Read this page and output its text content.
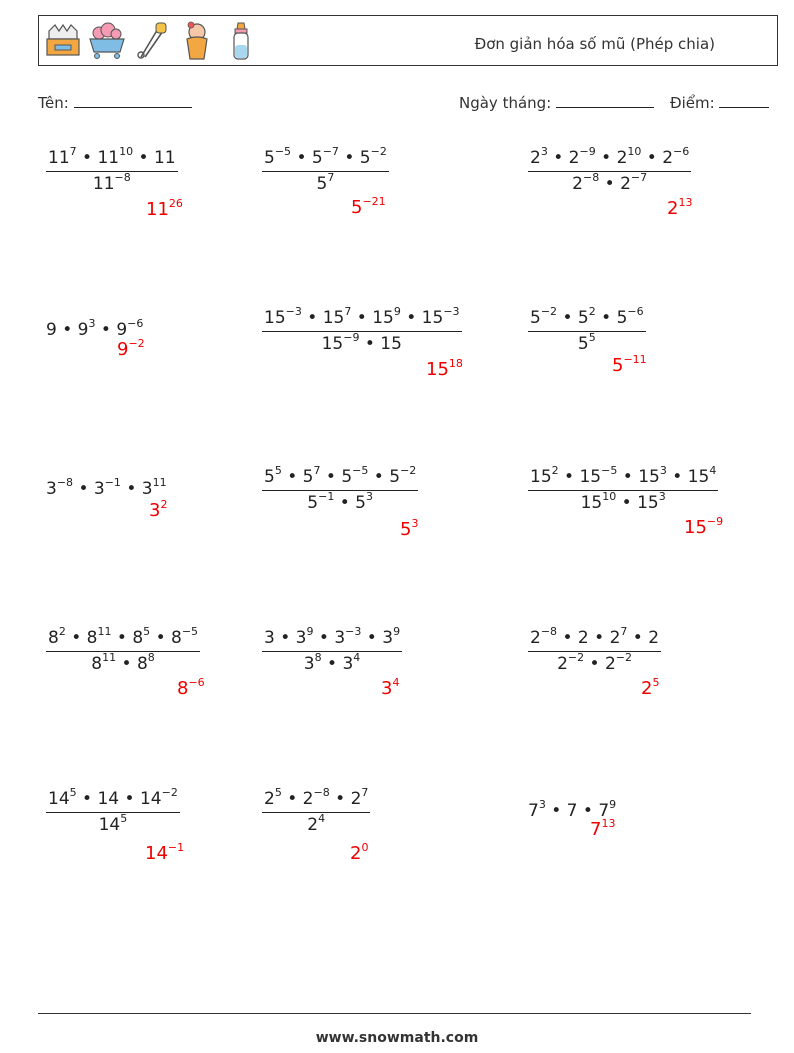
Đơn giản hóa số mũ (Phép chia)
Tên:	Ngày tháng:	Điểm:
$\frac{11^7 • 11^{10} • 11}{11^{-8}}$
$11^{26}$
$\frac{5^{-5} • 5^{-7} • 5^{-2}}{5^7}$
$5^{-21}$
$\frac{2^3 • 2^{-9} • 2^{10} • 2^{-6}}{2^{-8} • 2^{-7}}$
$2^{13}$
9 • $9^3$ • $9^{-6}$
$9^{-2}$	$\frac{15^{-3} • 15^7 • 15^9 • 15^{-3}}{15^{-9} • 15}$
$15^{18}$
$\frac{5^{-2} • 5^2 • 5^{-6}}{5^5}$
$5^{-11}$
$3^{-8}$ • $3^{-1}$ • $3^{11}$
$3^2$	$\frac{5^5 • 5^7 • 5^{-5} • 5^{-2}}{5^{-1} • 5^3}$
$5^3$
$\frac{15^2 • 15^{-5} • 15^3 • 15^4}{15^{10} • 15^3}$
$15^{-9}$
$\frac{8^2 • 8^{11} • 8^5 • 8^{-5}}{8^{11} • 8^8}$
$8^{-6}$
$\frac{3 • 3^9 • 3^{-3} • 3^9}{3^8 • 3^4}$
$3^4$
$\frac{2^{-8} • 2 • 2^7 • 2}{2^{-2} • 2^{-2}}$
$2^5$
$\frac{14^5 • 14 • 14^{-2}}{14^5}$
$14^{-1}$
$\frac{2^5 • 2^{-8} • 2^7}{2^4}$
$2^0$
$7^3$ • 7 • $7^9$
$7^{13}$
www.snowmath.com
